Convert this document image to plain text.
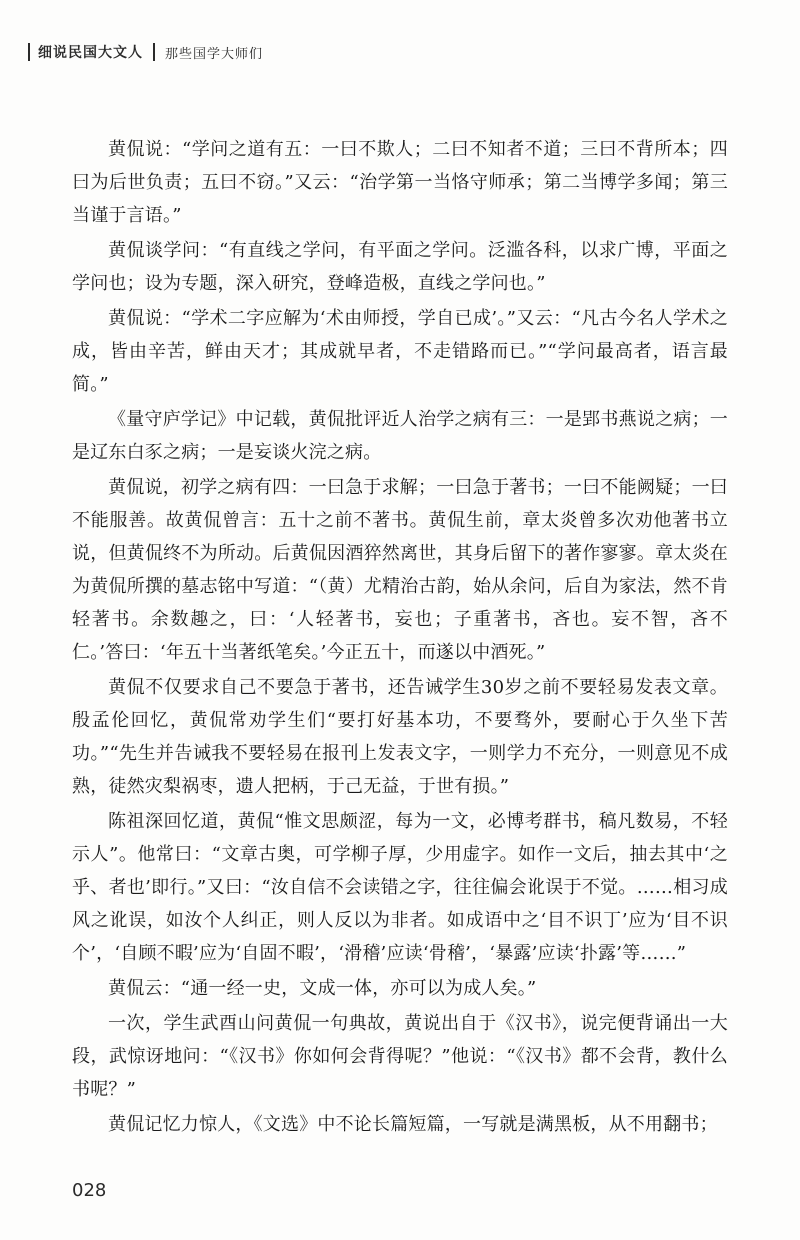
细说民国大文人 那些国学大师们

黄侃说：“学问之道有五：一曰不欺人；二曰不知者不道；三曰不背所本；四曰为后世负责；五曰不窃。”又云：“治学第一当恪守师承；第二当博学多闻；第三当谨于言语。”

黄侃谈学问：“有直线之学问，有平面之学问。泛滥各科，以求广博，平面之学问也；设为专题，深入研究，登峰造极，直线之学问也。”

黄侃说：“学术二字应解为‘术由师授，学自已成’。”又云：“凡古今名人学术之成，皆由辛苦，鲜由天才；其成就早者，不走错路而已。”“学问最高者，语言最简。”

《量守庐学记》中记载，黄侃批评近人治学之病有三：一是郢书燕说之病；一是辽东白豕之病；一是妄谈火浣之病。

黄侃说，初学之病有四：一曰急于求解；一曰急于著书；一曰不能阙疑；一曰不能服善。故黄侃曾言：五十之前不著书。黄侃生前，章太炎曾多次劝他著书立说，但黄侃终不为所动。后黄侃因酒猝然离世，其身后留下的著作寥寥。章太炎在为黄侃所撰的墓志铭中写道：“（黄）尤精治古韵，始从余问，后自为家法，然不肯轻著书。余数趣之，曰：‘人轻著书，妄也；子重著书，吝也。妄不智，吝不仁。’答曰：‘年五十当著纸笔矣。’今正五十，而遂以中酒死。”

黄侃不仅要求自己不要急于著书，还告诫学生30岁之前不要轻易发表文章。殷孟伦回忆，黄侃常劝学生们“要打好基本功，不要骛外，要耐心于久坐下苦功。”“先生并告诫我不要轻易在报刊上发表文字，一则学力不充分，一则意见不成熟，徒然灾梨祸枣，遗人把柄，于己无益，于世有损。”

陈祖深回忆道，黄侃“惟文思颇涩，每为一文，必博考群书，稿凡数易，不轻示人”。他常曰：“文章古奥，可学柳子厚，少用虚字。如作一文后，抽去其中‘之乎、者也’即行。”又曰：“汝自信不会读错之字，往往偏会讹误于不觉。……相习成风之讹误，如汝个人纠正，则人反以为非者。如成语中之‘目不识丁’应为‘目不识个’，‘自顾不暇’应为‘自固不暇’，‘滑稽’应读‘骨稽’，‘暴露’应读‘扑露’等……”

黄侃云：“通一经一史，文成一体，亦可以为成人矣。”

一次，学生武酉山问黄侃一句典故，黄说出自于《汉书》，说完便背诵出一大段，武惊讶地问：“《汉书》你如何会背得呢？”他说：“《汉书》都不会背，教什么书呢？”

黄侃记忆力惊人，《文选》中不论长篇短篇，一写就是满黑板，从不用翻书；

028
